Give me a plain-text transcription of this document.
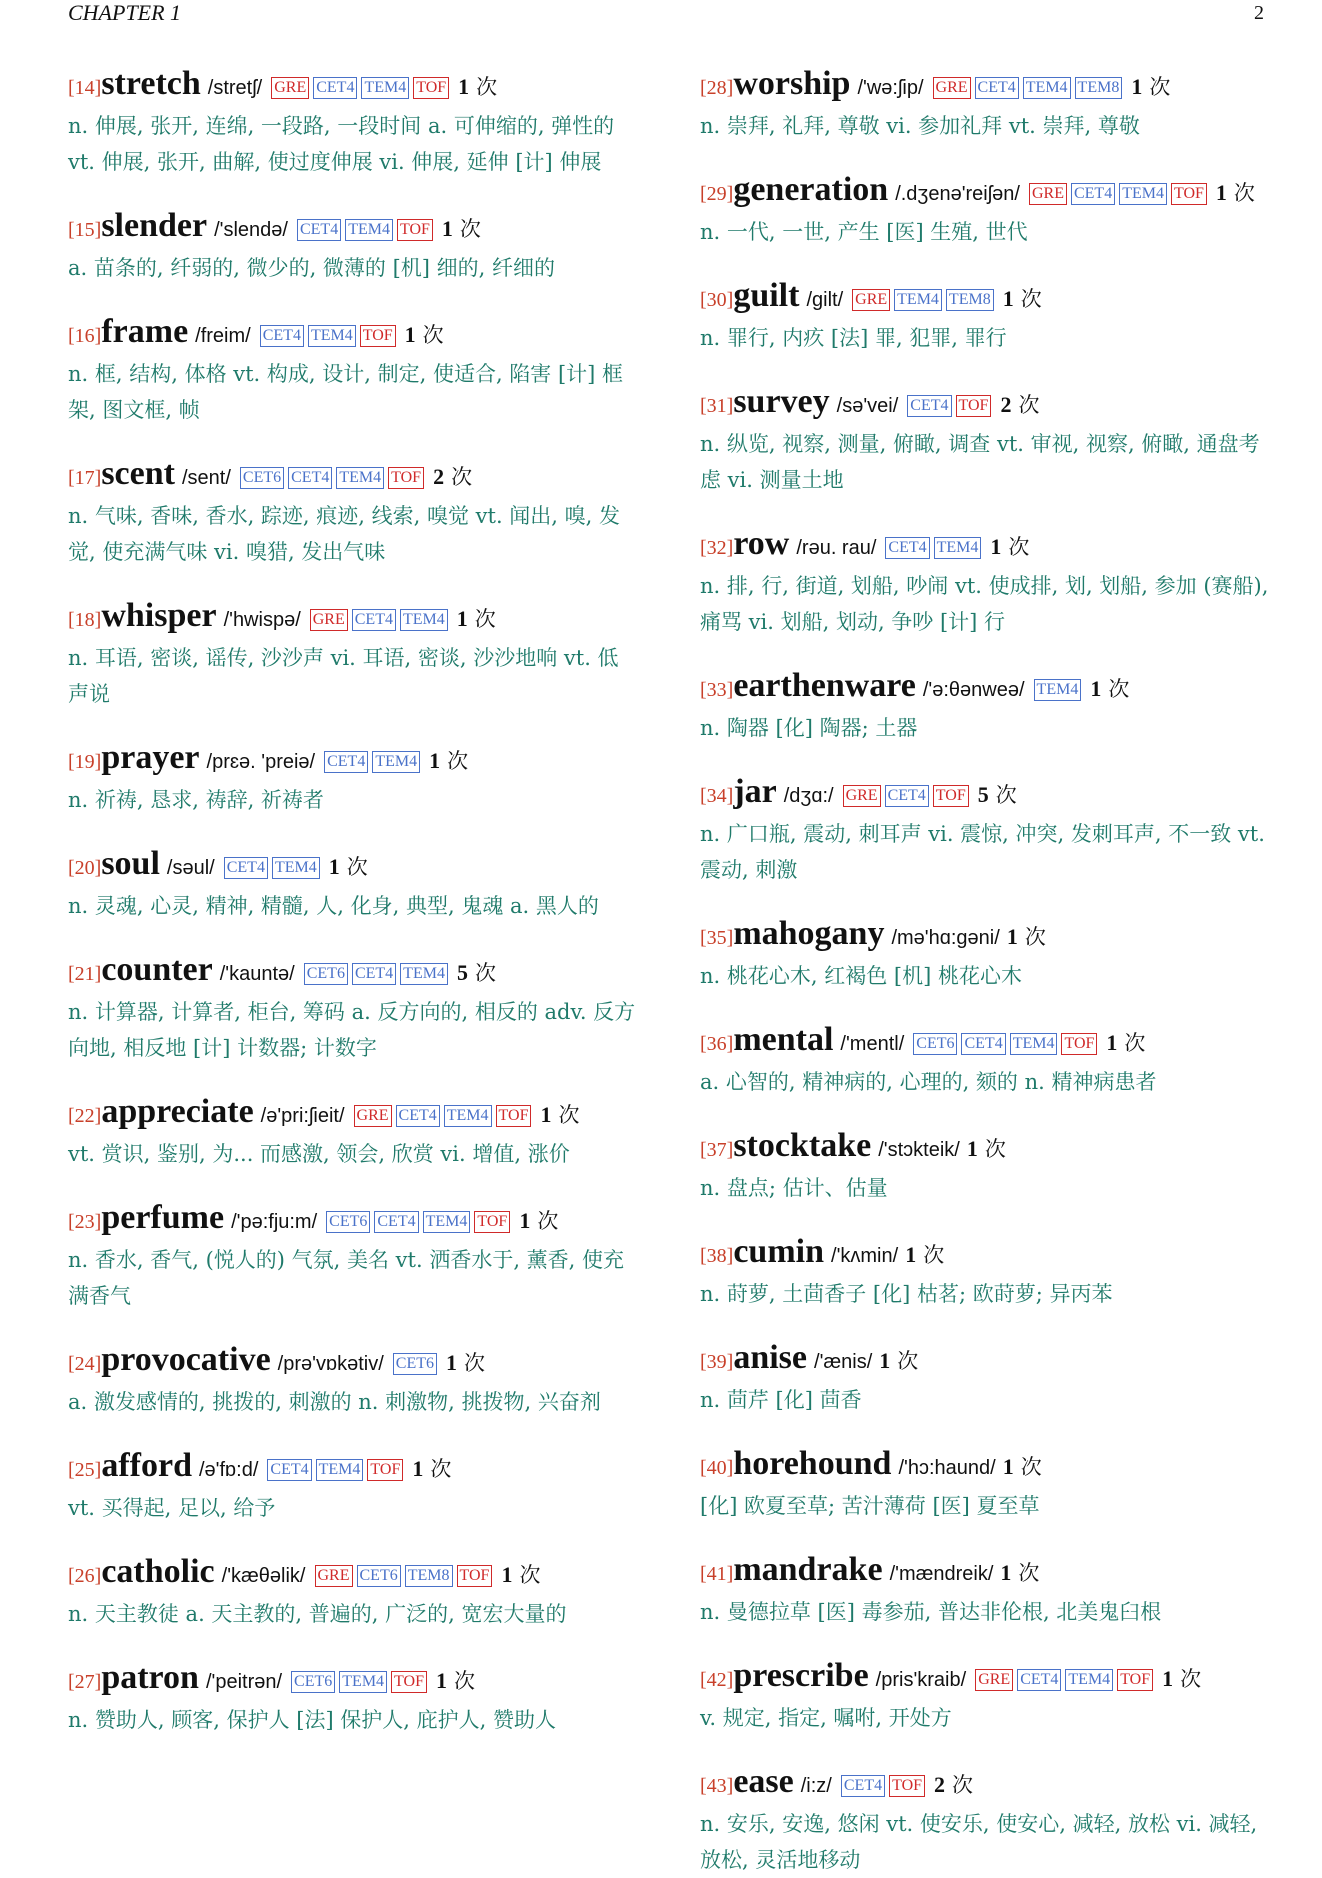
CHAPTER 1	2
[14]stretch /stretʃ/ GRE CET4 TEM4 TOF 1 次
n. 伸展, 张开, 连绵, 一段路, 一段时间 a. 可伸缩的, 弹性的 vt. 伸展, 张开, 曲解, 使过度伸展 vi. 伸展, 延伸 [计] 伸展
[15]slender /'slendə/ CET4 TEM4 TOF 1 次
a. 苗条的, 纤弱的, 微少的, 微薄的 [机] 细的, 纤细的
[16]frame /freim/ CET4 TEM4 TOF 1 次
n. 框, 结构, 体格 vt. 构成, 设计, 制定, 使适合, 陷害 [计] 框架, 图文框, 帧
[17]scent /sent/ CET6 CET4 TEM4 TOF 2 次
n. 气味, 香味, 香水, 踪迹, 痕迹, 线索, 嗅觉 vt. 闻出, 嗅, 发觉, 使充满气味 vi. 嗅猎, 发出气味
[18]whisper /'hwispə/ GRE CET4 TEM4 1 次
n. 耳语, 密谈, 谣传, 沙沙声 vi. 耳语, 密谈, 沙沙地响 vt. 低声说
[19]prayer /prɛə. 'preiə/ CET4 TEM4 1 次
n. 祈祷, 恳求, 祷辞, 祈祷者
[20]soul /səul/ CET4 TEM4 1 次
n. 灵魂, 心灵, 精神, 精髓, 人, 化身, 典型, 鬼魂 a. 黑人的
[21]counter /'kauntə/ CET6 CET4 TEM4 5 次
n. 计算器, 计算者, 柜台, 筹码 a. 反方向的, 相反的 adv. 反方向地, 相反地 [计] 计数器; 计数字
[22]appreciate /ə'pri:ʃieit/ GRE CET4 TEM4 TOF 1 次
vt. 赏识, 鉴别, 为... 而感激, 领会, 欣赏 vi. 增值, 涨价
[23]perfume /'pə:fju:m/ CET6 CET4 TEM4 TOF 1 次
n. 香水, 香气, (悦人的) 气氛, 美名 vt. 洒香水于, 薰香, 使充满香气
[24]provocative /prə'vɒkətiv/ CET6 1 次
a. 激发感情的, 挑拨的, 刺激的 n. 刺激物, 挑拨物, 兴奋剂
[25]afford /ə'fɒ:d/ CET4 TEM4 TOF 1 次
vt. 买得起, 足以, 给予
[26]catholic /'kæθəlik/ GRE CET6 TEM8 TOF 1 次
n. 天主教徒 a. 天主教的, 普遍的, 广泛的, 宽宏大量的
[27]patron /'peitrən/ CET6 TEM4 TOF 1 次
n. 赞助人, 顾客, 保护人 [法] 保护人, 庇护人, 赞助人
[28]worship /'wə:ʃip/ GRE CET4 TEM4 TEM8 1 次
n. 崇拜, 礼拜, 尊敬 vi. 参加礼拜 vt. 崇拜, 尊敬
[29]generation /.dʒenə'reiʃən/ GRE CET4 TEM4 TOF 1 次
n. 一代, 一世, 产生 [医] 生殖, 世代
[30]guilt /gilt/ GRE TEM4 TEM8 1 次
n. 罪行, 内疚 [法] 罪, 犯罪, 罪行
[31]survey /sə'vei/ CET4 TOF 2 次
n. 纵览, 视察, 测量, 俯瞰, 调查 vt. 审视, 视察, 俯瞰, 通盘考虑 vi. 测量土地
[32]row /rəu. rau/ CET4 TEM4 1 次
n. 排, 行, 街道, 划船, 吵闹 vt. 使成排, 划, 划船, 参加 (赛船), 痛骂 vi. 划船, 划动, 争吵 [计] 行
[33]earthenware /'ə:θənweə/ TEM4 1 次
n. 陶器 [化] 陶器; 土器
[34]jar /dʒɑ:/ GRE CET4 TOF 5 次
n. 广口瓶, 震动, 刺耳声 vi. 震惊, 冲突, 发刺耳声, 不一致 vt. 震动, 刺激
[35]mahogany /mə'hɑ:gəni/ 1 次
n. 桃花心木, 红褐色 [机] 桃花心木
[36]mental /'mentl/ CET6 CET4 TEM4 TOF 1 次
a. 心智的, 精神病的, 心理的, 颏的 n. 精神病患者
[37]stocktake /'stɔkteik/ 1 次
n. 盘点; 估计、估量
[38]cumin /'kʌmin/ 1 次
n. 莳萝, 土茴香子 [化] 枯茗; 欧莳萝; 异丙苯
[39]anise /'ænis/ 1 次
n. 茴芹 [化] 茴香
[40]horehound /'hɔ:haund/ 1 次
[化] 欧夏至草; 苦汁薄荷 [医] 夏至草
[41]mandrake /'mændreik/ 1 次
n. 曼德拉草 [医] 毒参茄, 普达非伦根, 北美鬼臼根
[42]prescribe /pris'kraib/ GRE CET4 TEM4 TOF 1 次
v. 规定, 指定, 嘱咐, 开处方
[43]ease /i:z/ CET4 TOF 2 次
n. 安乐, 安逸, 悠闲 vt. 使安乐, 使安心, 减轻, 放松 vi. 减轻, 放松, 灵活地移动
